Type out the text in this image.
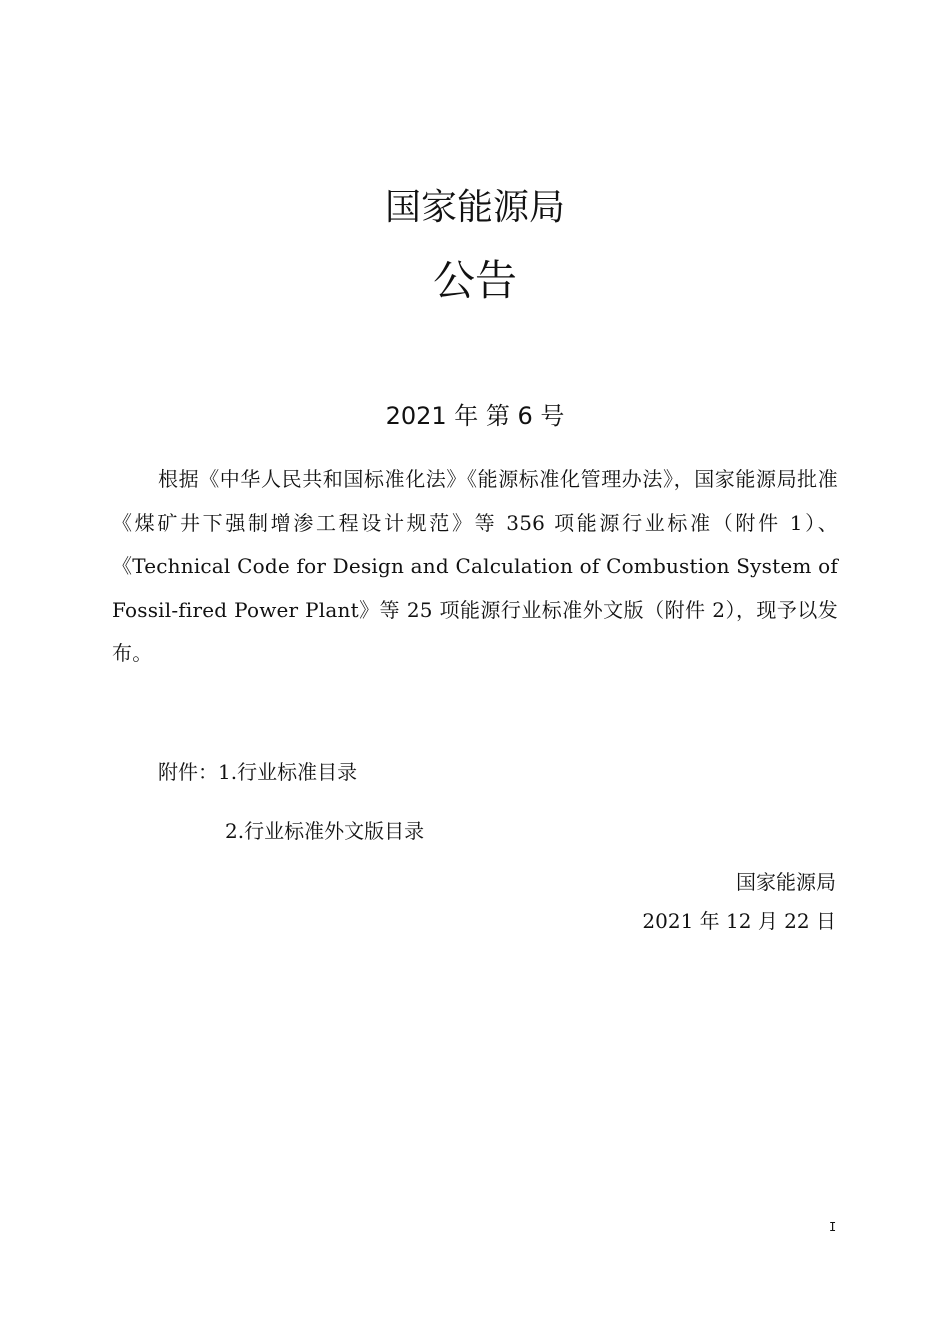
国家能源局
公告
2021 年 第 6 号
根据《中华人民共和国标准化法》《能源标准化管理办法》，国家能源局批准《煤矿井下强制增渗工程设计规范》等 356 项能源行业标准（附件 1）、《Technical Code for Design and Calculation of Combustion System of Fossil-fired Power Plant》等 25 项能源行业标准外文版（附件 2），现予以发布。
附件：1.行业标准目录
2.行业标准外文版目录
国家能源局
2021 年 12 月 22 日
I
